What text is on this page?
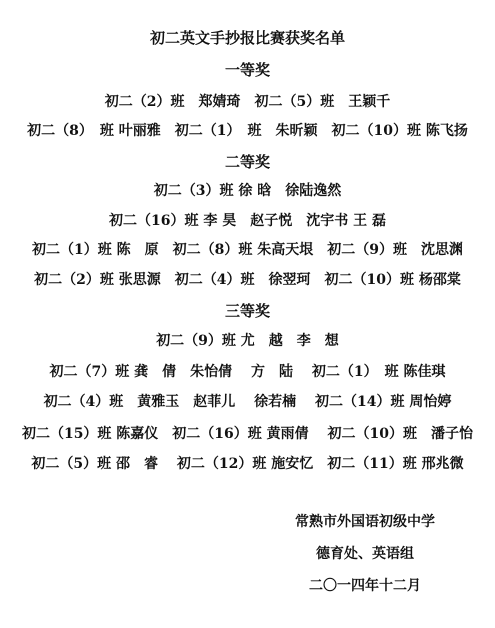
初二英文手抄报比赛获奖名单
一等奖
初二（2）班　郑婧琦　初二（5）班　王颖千
初二（8）　班 叶丽雅　初二（1）　班　朱昕颖　初二（10）班 陈飞扬
二等奖
初二（3）班 徐 晗　徐陆逸然
初二（16）班 李 昊　赵子悦　沈宇书 王 磊
初二（1）班 陈　原　初二（8）班 朱高天垠　初二（9）班　沈思渊
初二（2）班 张思源　初二（4）班　徐翌珂　初二（10）班 杨邵棠
三等奖
初二（9）班 尤　越　李　想
初二（7）班 龚　倩　朱怡倩　 方　陆　 初二（1）　班 陈佳琪
初二（4）班　黄雅玉　赵菲儿　 徐若楠　 初二（14）班 周怡婷
初二（15）班 陈嘉仪　初二（16）班 黄雨倩　 初二（10）班　潘子怡
初二（5）班 邵　睿　 初二（12）班 施安忆　初二（11）班 邢兆微
常熟市外国语初级中学
德育处、英语组
二〇一四年十二月
